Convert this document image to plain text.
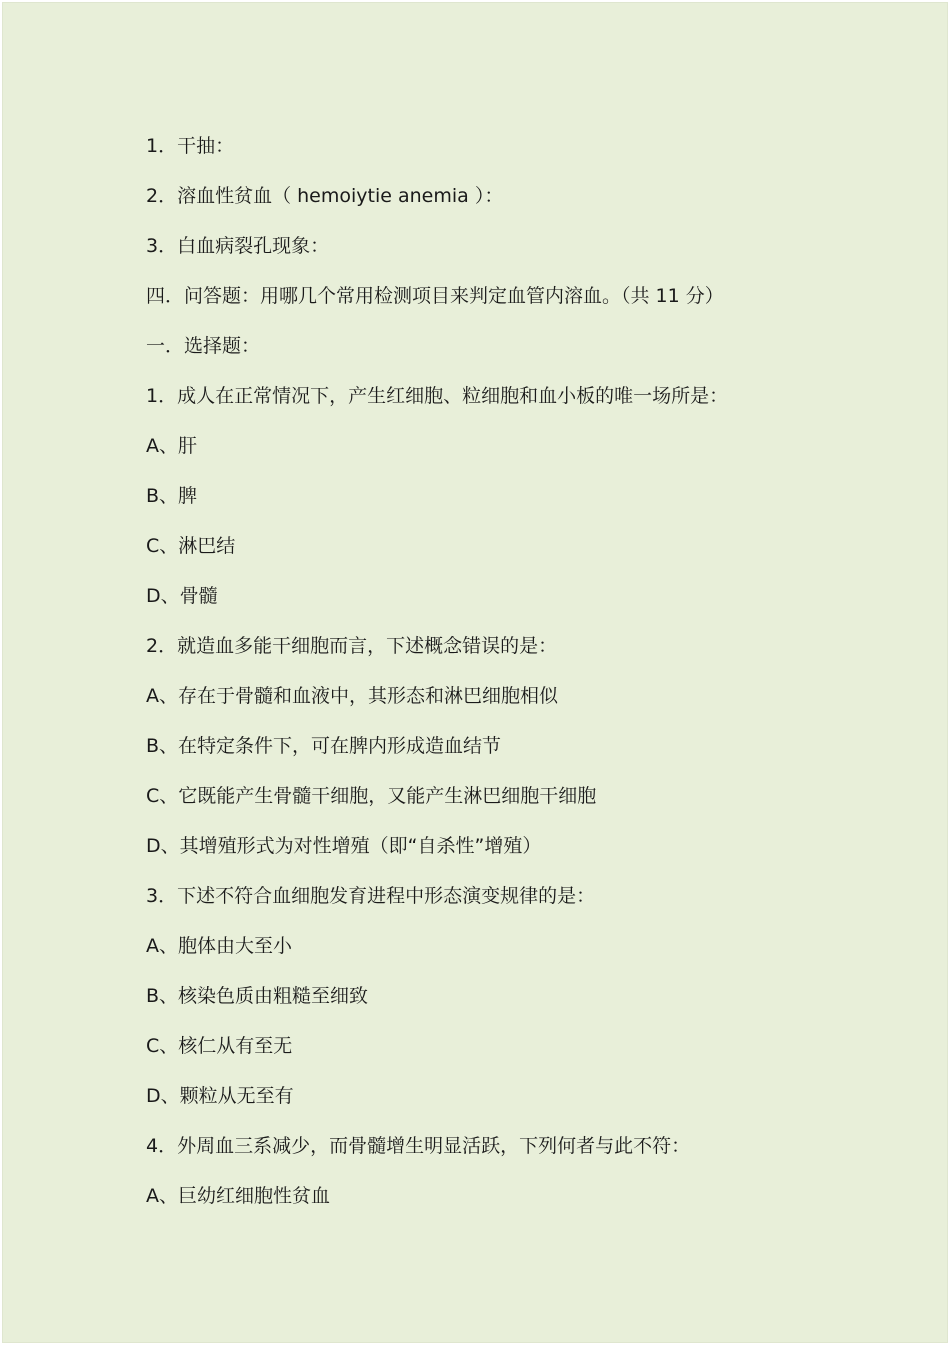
1．干抽：
2．溶血性贫血（ hemoiytie anemia ）：
3．白血病裂孔现象：
四．问答题：用哪几个常用检测项目来判定血管内溶血。（共 11 分）
一．选择题：
1．成人在正常情况下，产生红细胞、粒细胞和血小板的唯一场所是：
A、肝
B、脾
C、淋巴结
D、骨髓
2．就造血多能干细胞而言，下述概念错误的是：
A、存在于骨髓和血液中，其形态和淋巴细胞相似
B、在特定条件下，可在脾内形成造血结节
C、它既能产生骨髓干细胞，又能产生淋巴细胞干细胞
D、其增殖形式为对性增殖（即“自杀性”增殖）
3．下述不符合血细胞发育进程中形态演变规律的是：
A、胞体由大至小
B、核染色质由粗糙至细致
C、核仁从有至无
D、颗粒从无至有
4．外周血三系减少，而骨髓增生明显活跃，下列何者与此不符：
A、巨幼红细胞性贫血
